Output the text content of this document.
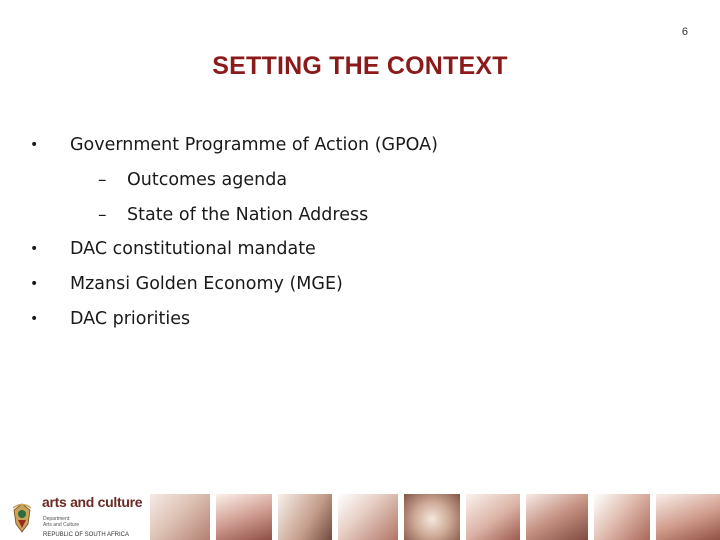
6
SETTING THE CONTEXT
• Government Programme of Action (GPOA)
– Outcomes agenda
– State of the Nation Address
• DAC constitutional mandate
• Mzansi Golden Economy (MGE)
• DAC priorities
arts and culture
Department:
Arts and Culture
REPUBLIC OF SOUTH AFRICA
